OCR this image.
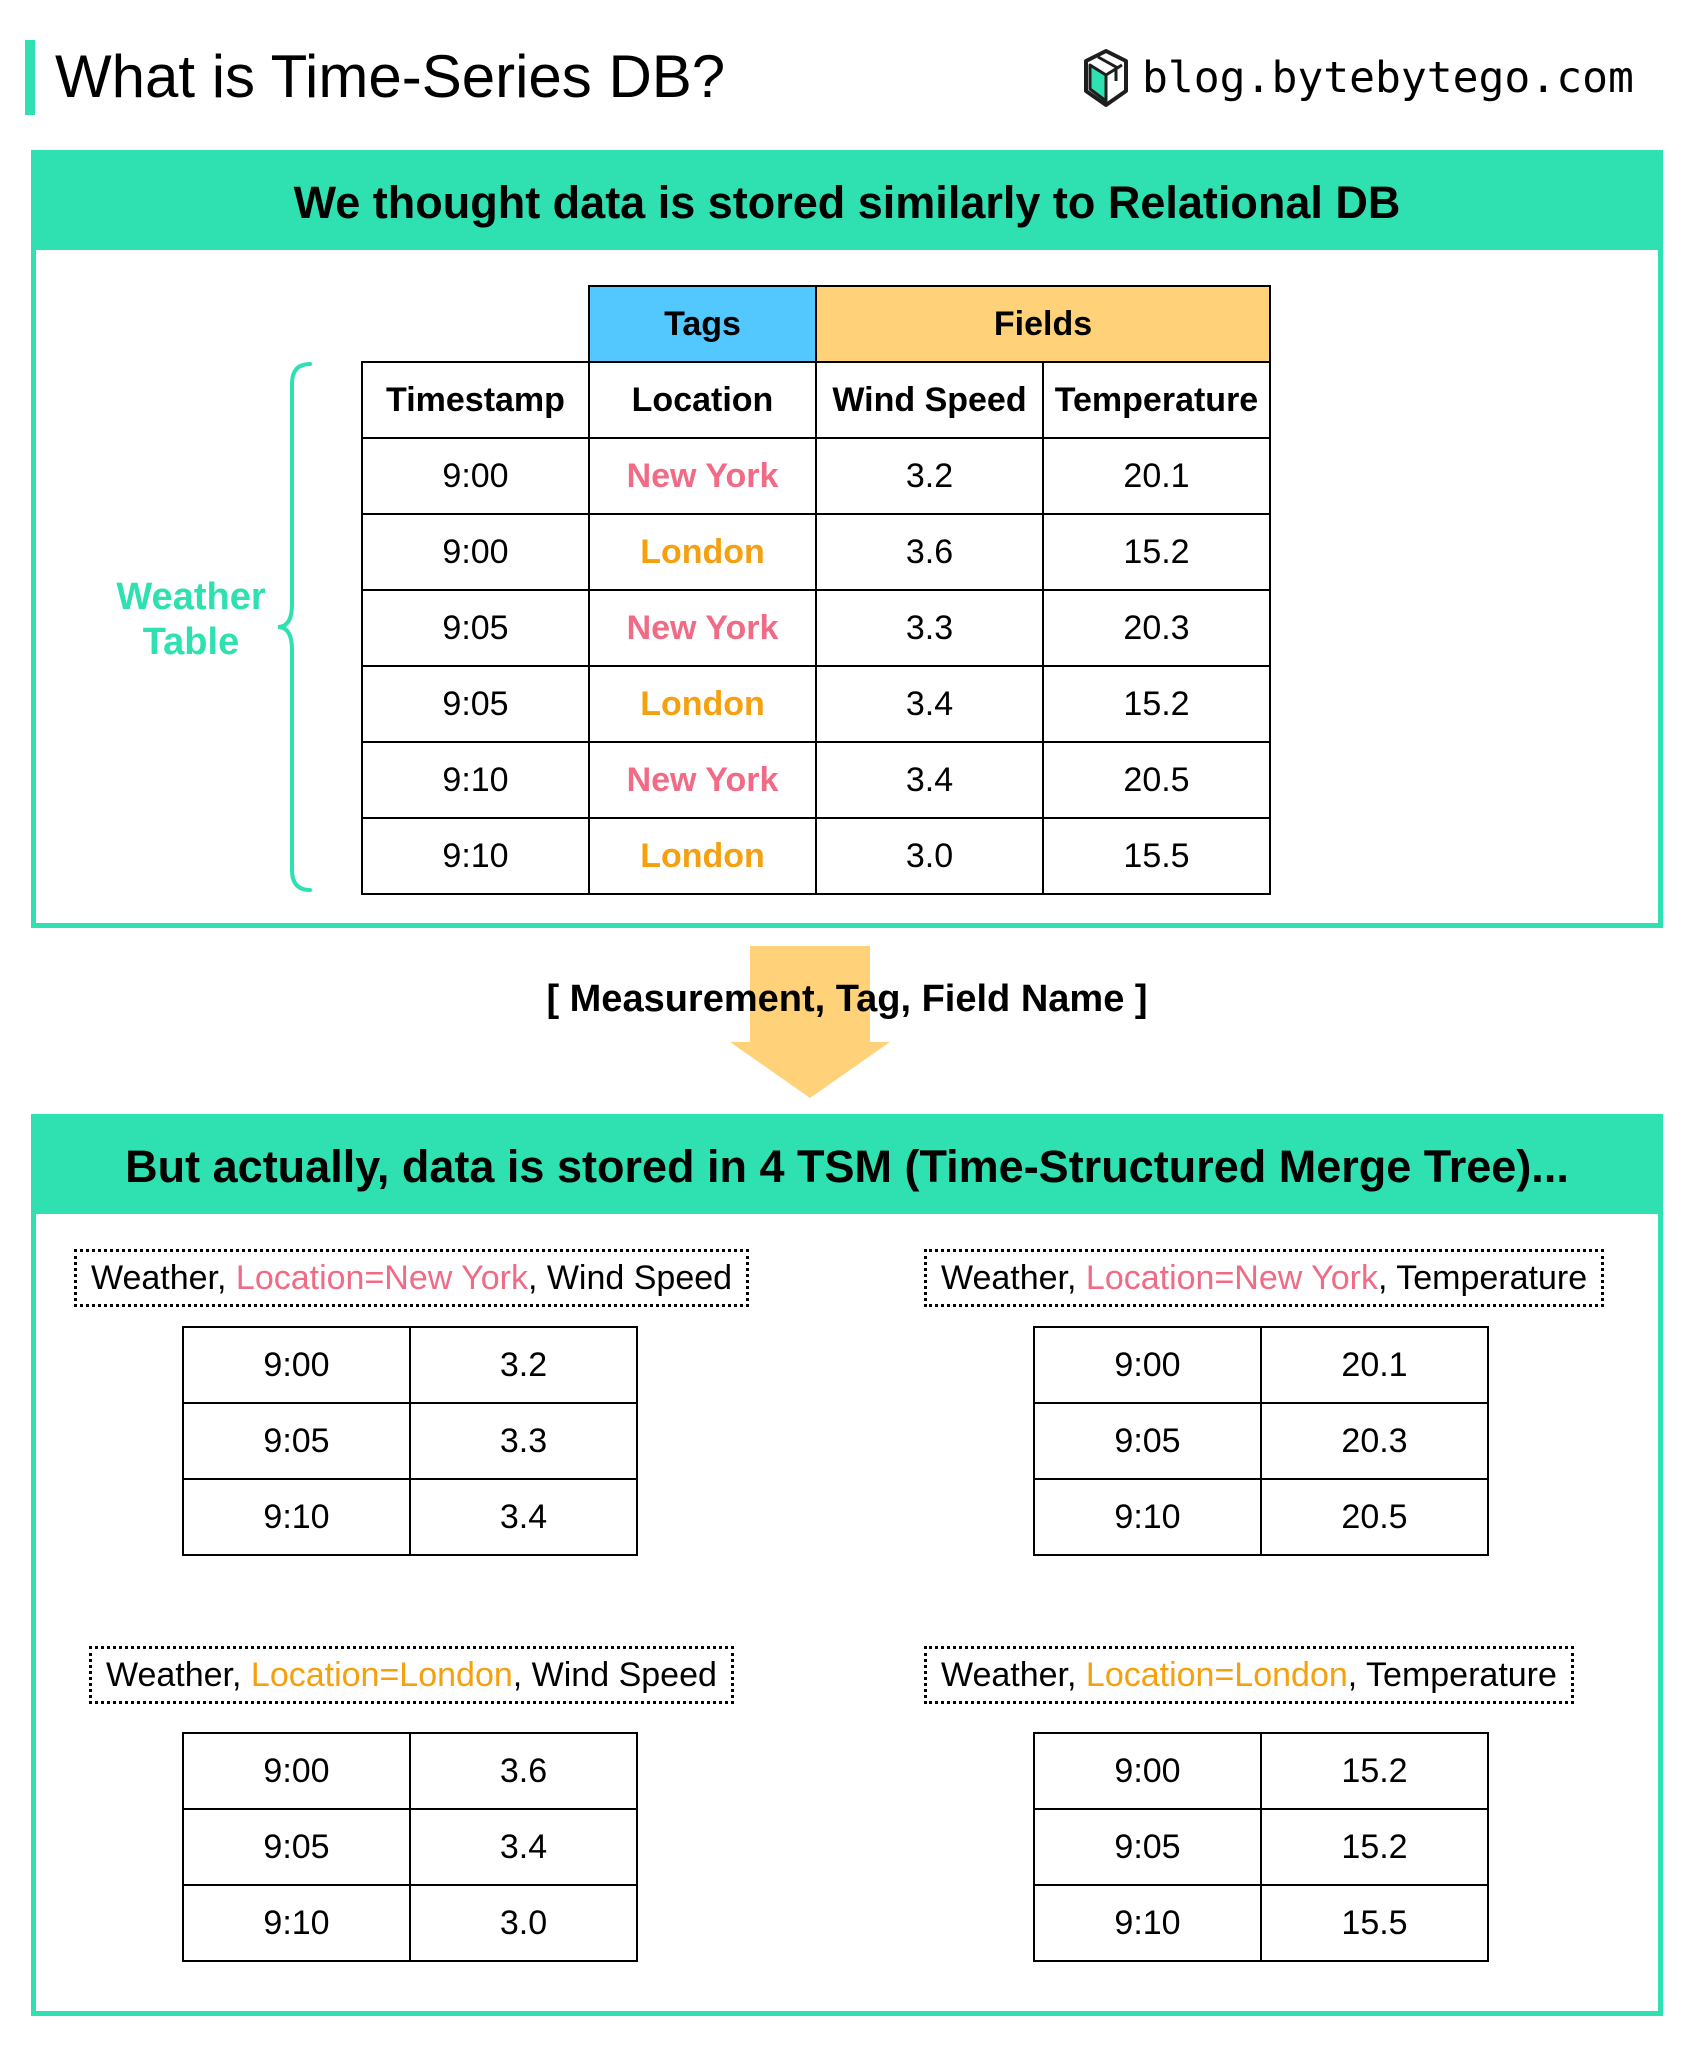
What is Time-Series DB?	blog.bytebytego.com
We thought data is stored similarly to Relational DB
Weather
Table
	Tags	Fields	
Timestamp	Location	Wind Speed	Temperature
9:00	New York	3.2	20.1
9:00	London	3.6	15.2
9:05	New York	3.3	20.3
9:05	London	3.4	15.2
9:10	New York	3.4	20.5
9:10	London	3.0	15.5
[ Measurement, Tag, Field Name ]
But actually, data is stored in 4 TSM (Time-Structured Merge Tree)...
Weather, Location=New York, Wind Speed
9:00	3.2
9:05	3.3
9:10	3.4
Weather, Location=New York, Temperature
9:00	20.1
9:05	20.3
9:10	20.5
Weather, Location=London, Wind Speed
9:00	3.6
9:05	3.4
9:10	3.0
Weather, Location=London, Temperature
9:00	15.2
9:05	15.2
9:10	15.5
